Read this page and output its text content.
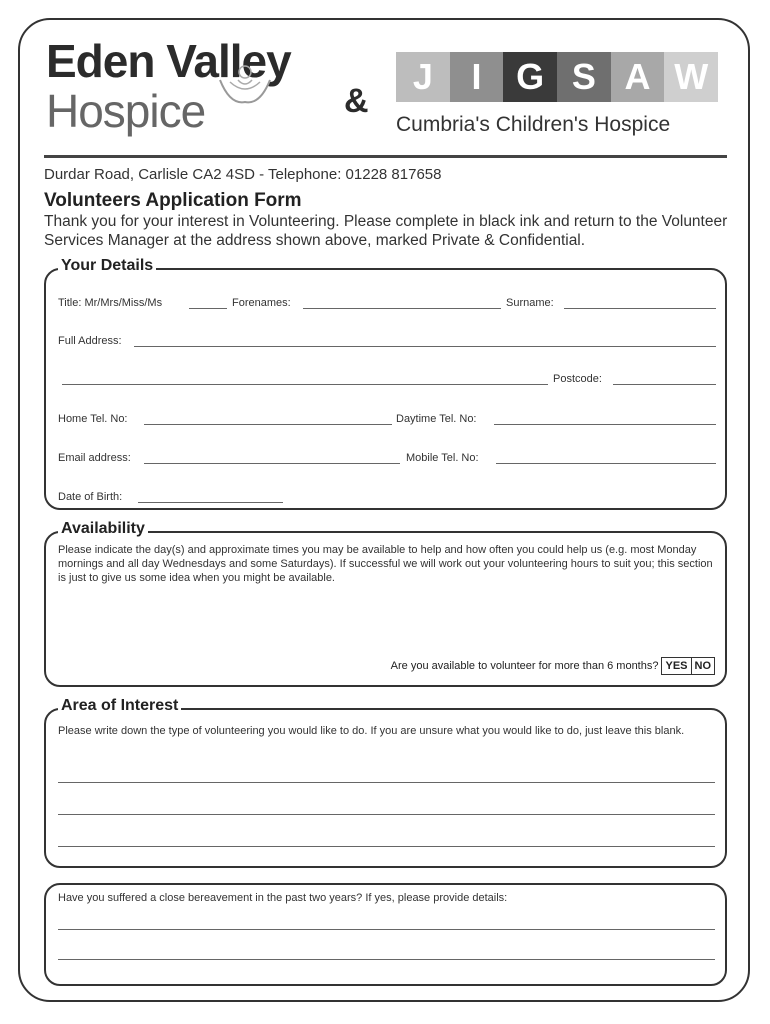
Eden Valley
Hospice	&
J	I G S A W
Cumbria's Children's Hospice
Durdar Road, Carlisle CA2 4SD - Telephone: 01228 817658
Volunteers Application Form
Thank you for your interest in Volunteering. Please complete in black ink and return to the Volunteer Services Manager at the address shown above, marked Private & Confidential.
Your Details
Title: Mr/Mrs/Miss/Ms	Forenames:	Surname:
Full Address:
Postcode:
Home Tel. No:	Daytime Tel. No:
Email address:	Mobile Tel. No:
Date of Birth:
Availability
Please indicate the day(s) and approximate times you may be available to help and how often you could help us (e.g. most Monday mornings and all day Wednesdays and some Saturdays). If successful we will work out your volunteering hours to suit you; this section is just to give us some idea when you might be available.
Are you available to volunteer for more than 6 months? YES NO
Area of Interest
Please write down the type of volunteering you would like to do. If you are unsure what you would like to do, just leave this blank.
Have you suffered a close bereavement in the past two years? If yes, please provide details:
